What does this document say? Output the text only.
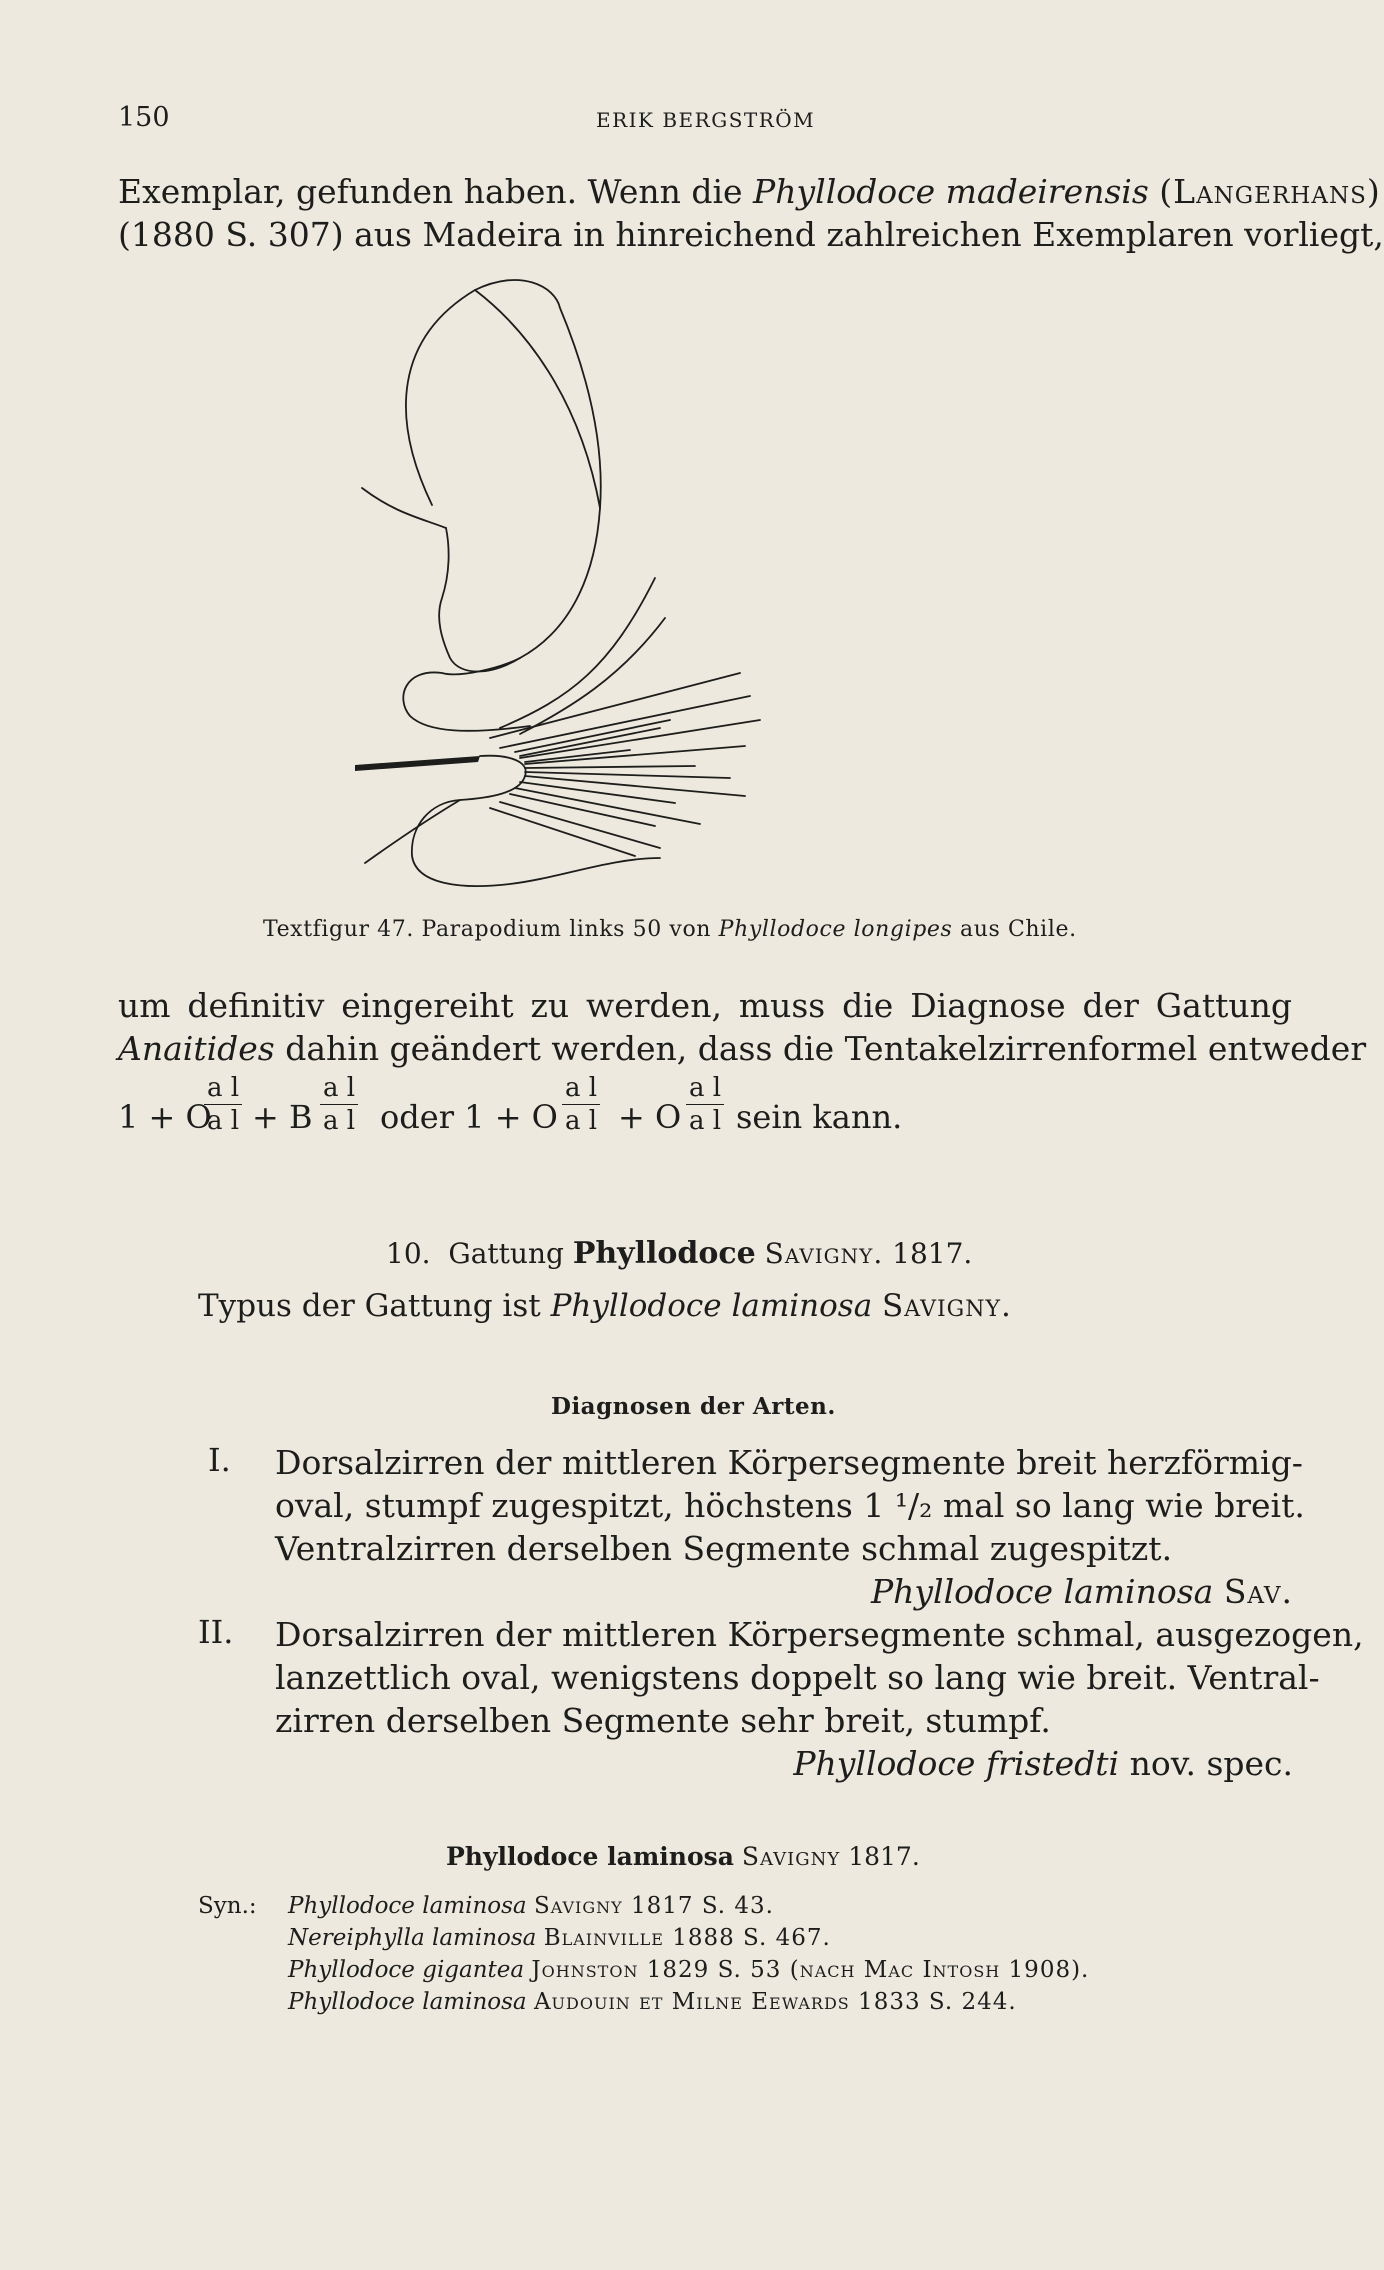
150	ERIK BERGSTRÖM
Exemplar, gefunden haben. Wenn die Phyllodoce madeirensis (Langerhans)
(1880 S. 307) aus Madeira in hinreichend zahlreichen Exemplaren vorliegt,
Textfigur 47. Parapodium links 50 von Phyllodoce longipes aus Chile.
um definitiv eingereiht zu werden, muss die Diagnose der Gattung
Anaitides dahin geändert werden, dass die Tentakelzirrenformel entweder
1 + O
a l
a l + B
a l
a l oder 1 + O
a l
a l + O
a l
a l sein kann.
10. Gattung Phyllodoce Savigny. 1817.
Typus der Gattung ist Phyllodoce laminosa Savigny.
Diagnosen der Arten.
I. Dorsalzirren der mittleren Körpersegmente breit herzförmig-
oval, stumpf zugespitzt, höchstens 1 ¹/₂ mal so lang wie breit.
Ventralzirren derselben Segmente schmal zugespitzt.
Phyllodoce laminosa Sav.
II. Dorsalzirren der mittleren Körpersegmente schmal, ausgezogen,
lanzettlich oval, wenigstens doppelt so lang wie breit. Ventral-
zirren derselben Segmente sehr breit, stumpf.
Phyllodoce fristedti nov. spec.
Phyllodoce laminosa Savigny 1817.
Syn.: Phyllodoce laminosa Savigny 1817 S. 43.
Nereiphylla laminosa Blainville 1888 S. 467.
Phyllodoce gigantea Johnston 1829 S. 53 (nach Mac Intosh 1908).
Phyllodoce laminosa Audouin et Milne Eewards 1833 S. 244.
